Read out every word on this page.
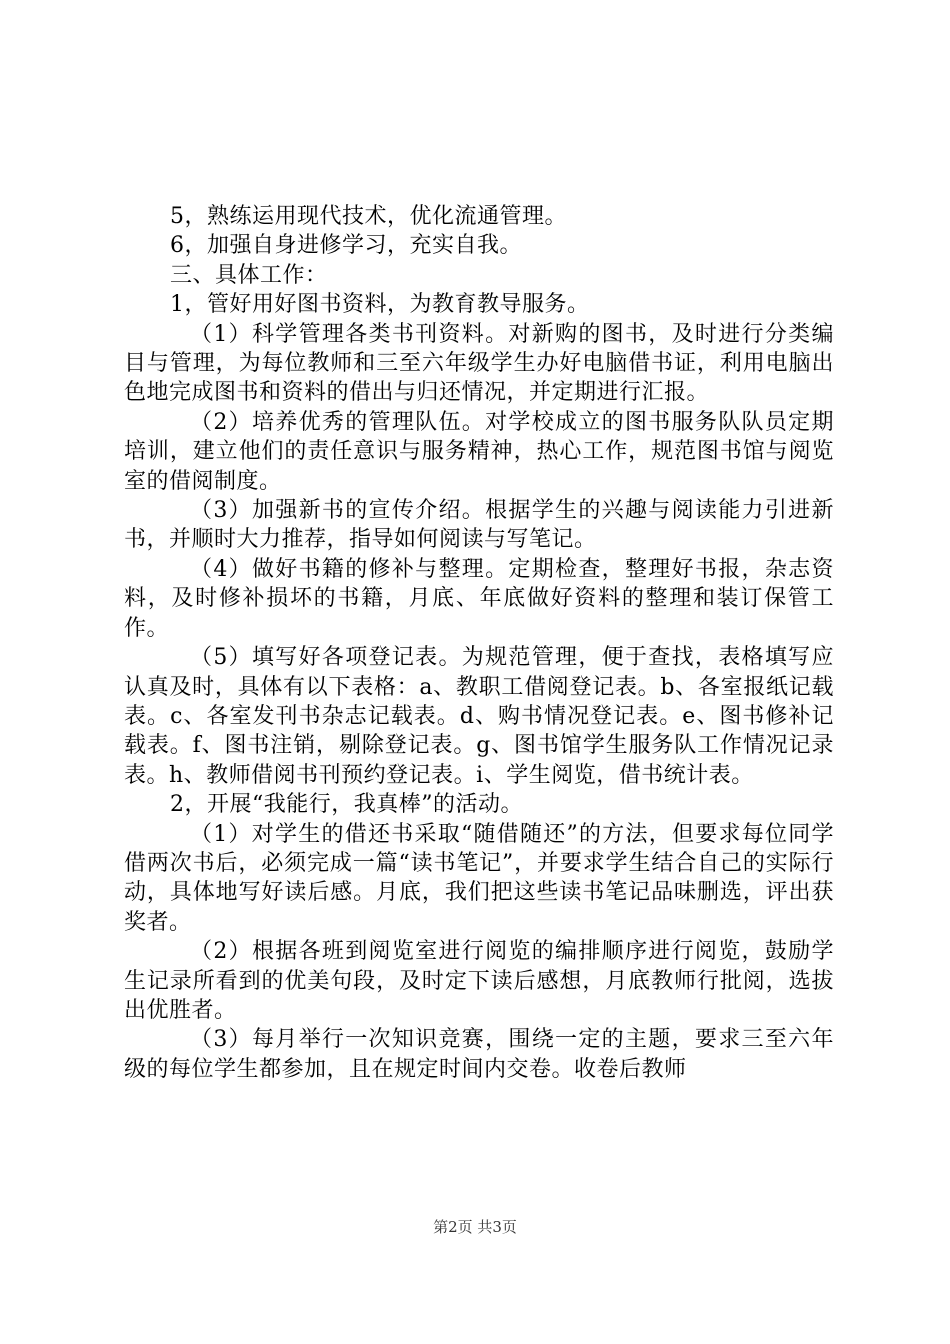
5，熟练运用现代技术，优化流通管理。

6，加强自身进修学习，充实自我。

三、具体工作：

1，管好用好图书资料，为教育教导服务。

（1）科学管理各类书刊资料。对新购的图书，及时进行分类编目与管理，为每位教师和三至六年级学生办好电脑借书证，利用电脑出色地完成图书和资料的借出与归还情况，并定期进行汇报。

（2）培养优秀的管理队伍。对学校成立的图书服务队队员定期培训，建立他们的责任意识与服务精神，热心工作，规范图书馆与阅览室的借阅制度。

（3）加强新书的宣传介绍。根据学生的兴趣与阅读能力引进新书，并顺时大力推荐，指导如何阅读与写笔记。

（4）做好书籍的修补与整理。定期检查，整理好书报，杂志资料，及时修补损坏的书籍，月底、年底做好资料的整理和装订保管工作。

（5）填写好各项登记表。为规范管理，便于查找，表格填写应认真及时，具体有以下表格：a、教职工借阅登记表。b、各室报纸记载表。c、各室发刊书杂志记载表。d、购书情况登记表。e、图书修补记载表。f、图书注销，剔除登记表。g、图书馆学生服务队工作情况记录表。h、教师借阅书刊预约登记表。i、学生阅览，借书统计表。

2，开展“我能行，我真棒”的活动。

（1）对学生的借还书采取“随借随还”的方法，但要求每位同学借两次书后，必须完成一篇“读书笔记”，并要求学生结合自己的实际行动，具体地写好读后感。月底，我们把这些读书笔记品味删选，评出获奖者。

（2）根据各班到阅览室进行阅览的编排顺序进行阅览，鼓励学生记录所看到的优美句段，及时定下读后感想，月底教师行批阅，选拔出优胜者。

（3）每月举行一次知识竞赛，围绕一定的主题，要求三至六年级的每位学生都参加，且在规定时间内交卷。收卷后教师

第2页 共3页
